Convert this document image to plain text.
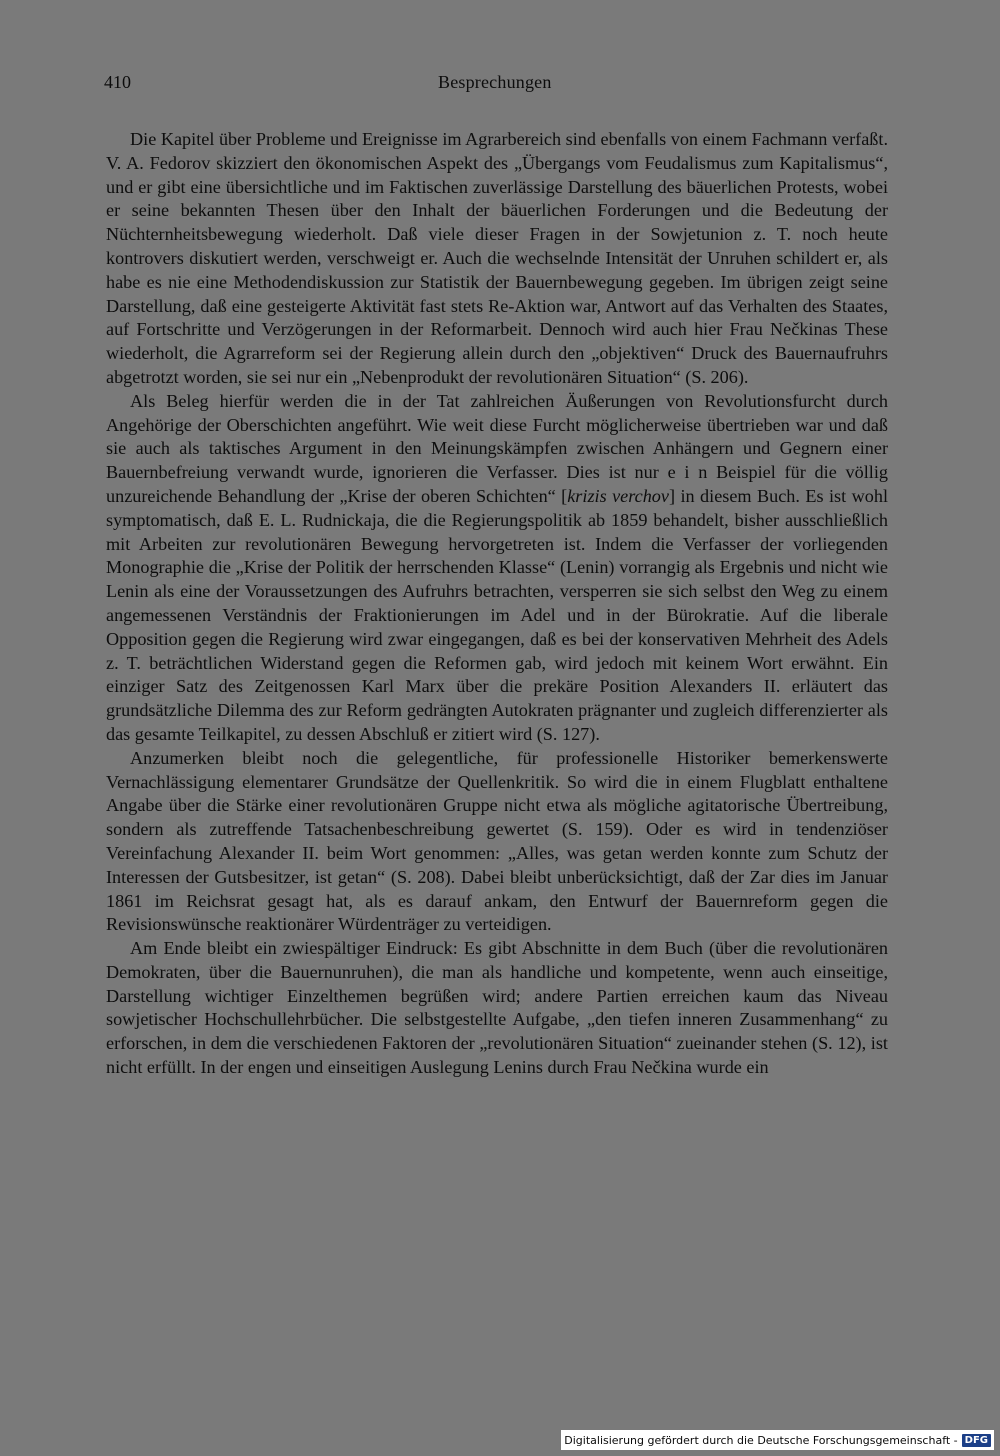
410	Besprechungen

Die Kapitel über Probleme und Ereignisse im Agrarbereich sind ebenfalls von einem Fachmann verfaßt. V. A. Fedorov skizziert den ökonomischen Aspekt des „Übergangs vom Feudalismus zum Kapitalismus“, und er gibt eine übersichtliche und im Faktischen zuverlässige Darstellung des bäuerlichen Protests, wobei er seine bekannten Thesen über den Inhalt der bäuerlichen Forderungen und die Bedeutung der Nüchternheitsbewegung wiederholt. Daß viele dieser Fragen in der Sowjetunion z. T. noch heute kontrovers diskutiert werden, verschweigt er. Auch die wechselnde Intensität der Unruhen schildert er, als habe es nie eine Methodendiskussion zur Statistik der Bauernbewegung gegeben. Im übrigen zeigt seine Darstellung, daß eine gesteigerte Aktivität fast stets Re-Aktion war, Antwort auf das Verhalten des Staates, auf Fortschritte und Verzögerungen in der Reformarbeit. Dennoch wird auch hier Frau Nečkinas These wiederholt, die Agrarreform sei der Regierung allein durch den „objektiven“ Druck des Bauernaufruhrs abgetrotzt worden, sie sei nur ein „Nebenprodukt der revolutionären Situation“ (S. 206).

Als Beleg hierfür werden die in der Tat zahlreichen Äußerungen von Revolutionsfurcht durch Angehörige der Oberschichten angeführt. Wie weit diese Furcht möglicherweise übertrieben war und daß sie auch als taktisches Argument in den Meinungskämpfen zwischen Anhängern und Gegnern einer Bauernbefreiung verwandt wurde, ignorieren die Verfasser. Dies ist nur e i n Beispiel für die völlig unzureichende Behandlung der „Krise der oberen Schichten“ [krizis verchov] in diesem Buch. Es ist wohl symptomatisch, daß E. L. Rudnickaja, die die Regierungspolitik ab 1859 behandelt, bisher ausschließlich mit Arbeiten zur revolutionären Bewegung hervorgetreten ist. Indem die Verfasser der vorliegenden Monographie die „Krise der Politik der herrschenden Klasse“ (Lenin) vorrangig als Ergebnis und nicht wie Lenin als eine der Voraussetzungen des Aufruhrs betrachten, versperren sie sich selbst den Weg zu einem angemessenen Verständnis der Fraktionierungen im Adel und in der Bürokratie. Auf die liberale Opposition gegen die Regierung wird zwar eingegangen, daß es bei der konservativen Mehrheit des Adels z. T. beträchtlichen Widerstand gegen die Reformen gab, wird jedoch mit keinem Wort erwähnt. Ein einziger Satz des Zeitgenossen Karl Marx über die prekäre Position Alexanders II. erläutert das grundsätzliche Dilemma des zur Reform gedrängten Autokraten prägnanter und zugleich differenzierter als das gesamte Teilkapitel, zu dessen Abschluß er zitiert wird (S. 127).

Anzumerken bleibt noch die gelegentliche, für professionelle Historiker bemerkenswerte Vernachlässigung elementarer Grundsätze der Quellenkritik. So wird die in einem Flugblatt enthaltene Angabe über die Stärke einer revolutionären Gruppe nicht etwa als mögliche agitatorische Übertreibung, sondern als zutreffende Tatsachenbeschreibung gewertet (S. 159). Oder es wird in tendenziöser Vereinfachung Alexander II. beim Wort genommen: „Alles, was getan werden konnte zum Schutz der Interessen der Gutsbesitzer, ist getan“ (S. 208). Dabei bleibt unberücksichtigt, daß der Zar dies im Januar 1861 im Reichsrat gesagt hat, als es darauf ankam, den Entwurf der Bauernreform gegen die Revisionswünsche reaktionärer Würdenträger zu verteidigen.

Am Ende bleibt ein zwiespältiger Eindruck: Es gibt Abschnitte in dem Buch (über die revolutionären Demokraten, über die Bauernunruhen), die man als handliche und kompetente, wenn auch einseitige, Darstellung wichtiger Einzelthemen begrüßen wird; andere Partien erreichen kaum das Niveau sowjetischer Hochschullehrbücher. Die selbstgestellte Aufgabe, „den tiefen inneren Zusammenhang“ zu erforschen, in dem die verschiedenen Faktoren der „revolutionären Situation“ zueinander stehen (S. 12), ist nicht erfüllt. In der engen und einseitigen Auslegung Lenins durch Frau Nečkina wurde ein

Digitalisierung gefördert durch die Deutsche Forschungsgemeinschaft - DFG
